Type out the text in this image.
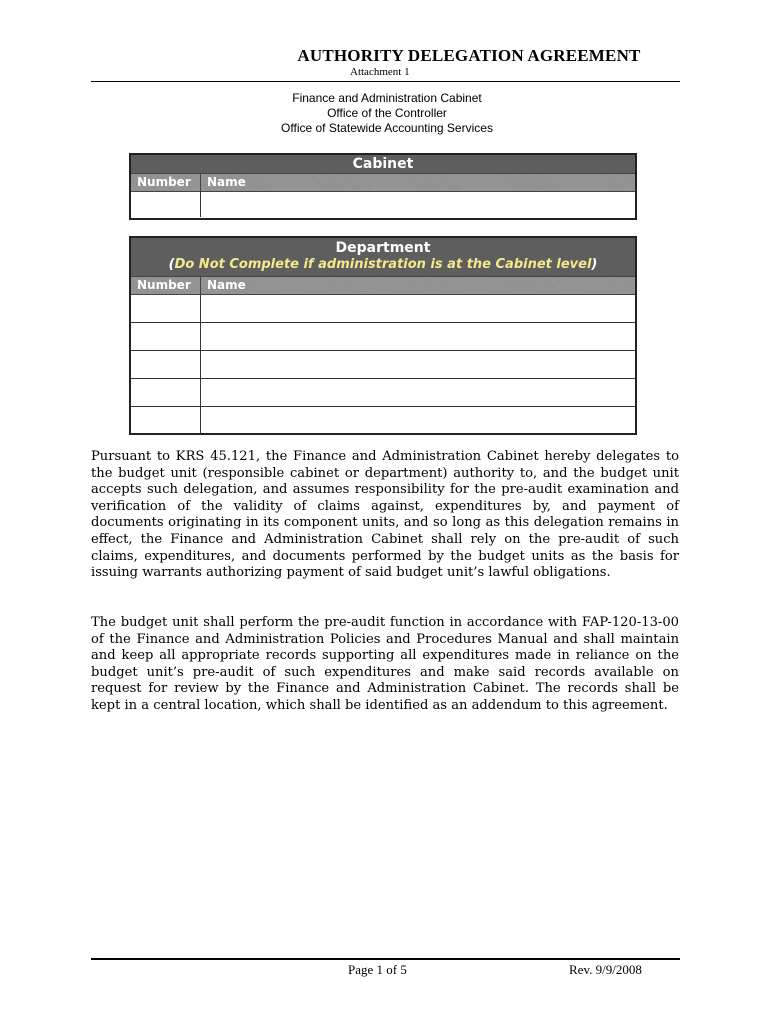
AUTHORITY DELEGATION AGREEMENT
Attachment 1
Finance and Administration Cabinet
Office of the Controller
Office of Statewide Accounting Services
Cabinet
Number	Name
Department
(Do Not Complete if administration is at the Cabinet level)
Number	Name
Pursuant to KRS 45.121, the Finance and Administration Cabinet hereby delegates to the budget unit (responsible cabinet or department) authority to, and the budget unit accepts such delegation, and assumes responsibility for the pre-audit examination and verification of the validity of claims against, expenditures by, and payment of documents originating in its component units, and so long as this delegation remains in effect, the Finance and Administration Cabinet shall rely on the pre-audit of such claims, expenditures, and documents performed by the budget units as the basis for issuing warrants authorizing payment of said budget unit’s lawful obligations.
The budget unit shall perform the pre-audit function in accordance with FAP-120-13-00 of the Finance and Administration Policies and Procedures Manual and shall maintain and keep all appropriate records supporting all expenditures made in reliance on the budget unit’s pre-audit of such expenditures and make said records available on request for review by the Finance and Administration Cabinet. The records shall be kept in a central location, which shall be identified as an addendum to this agreement.
Page 1 of 5	Rev. 9/9/2008
